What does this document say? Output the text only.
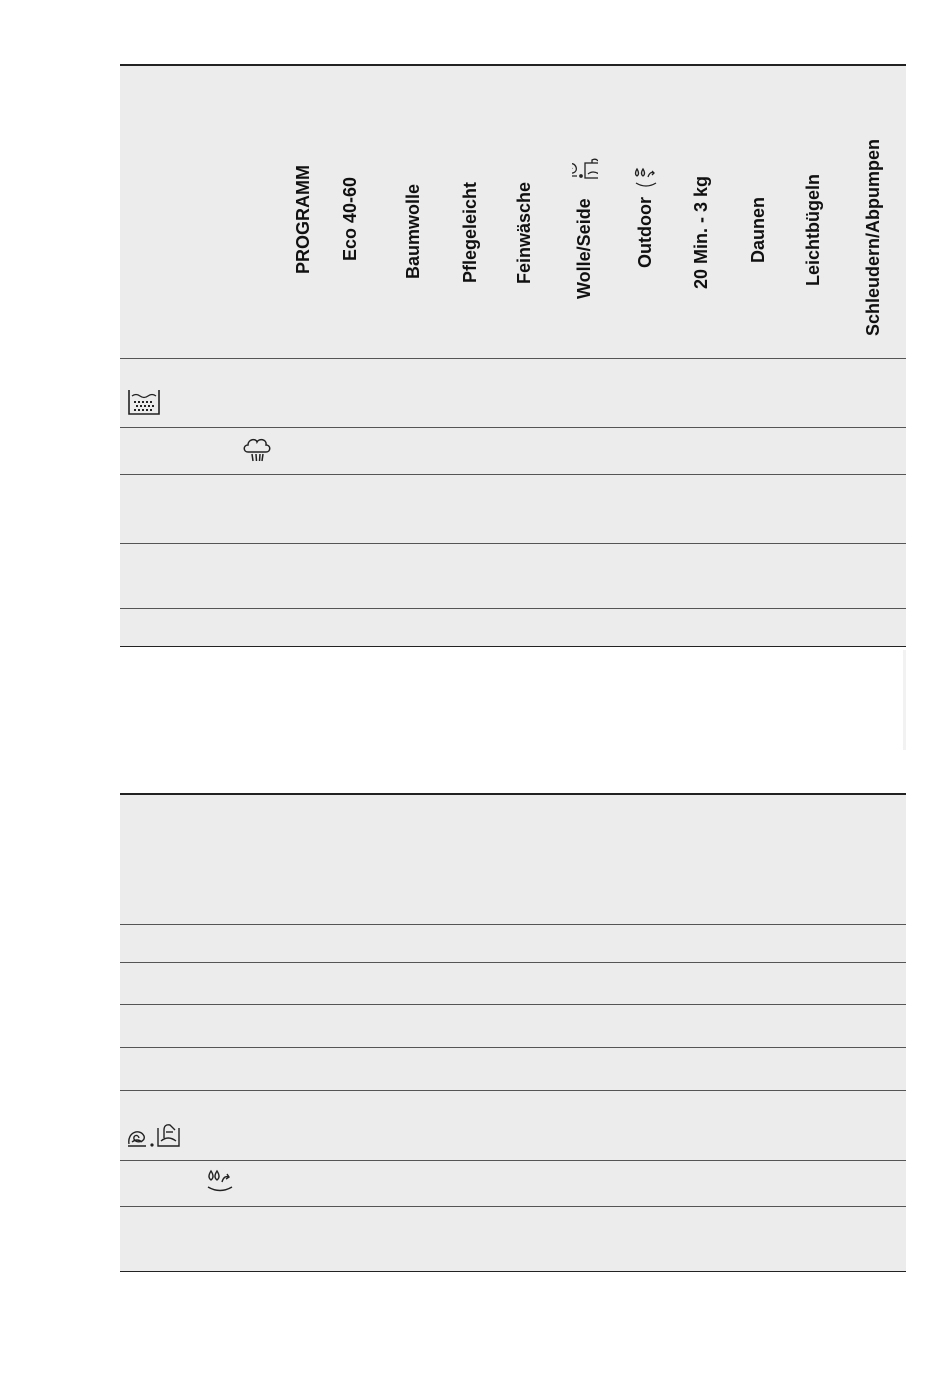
PROGRAMM Eco 40-60 Baumwolle Pflegeleicht Feinwäsche Wolle/Seide Outdoor 20 Min. - 3 kg Daunen Leichtbügeln Schleudern/Abpumpen
